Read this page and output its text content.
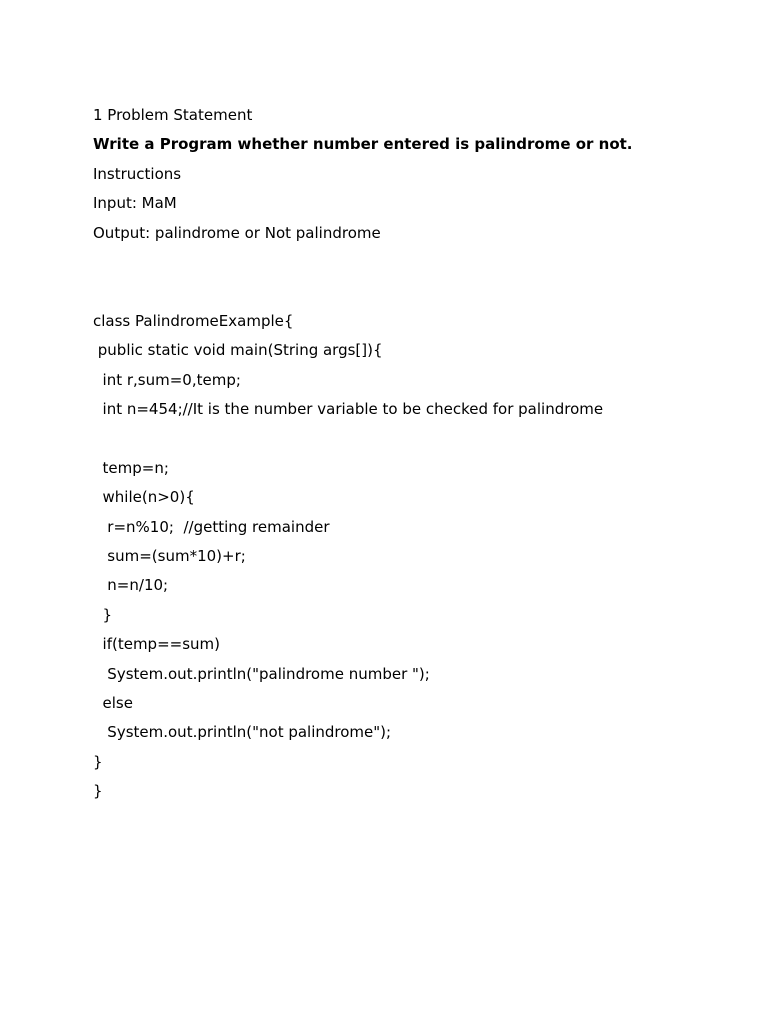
1 Problem Statement
Write a Program whether number entered is palindrome or not.
Instructions
Input: MaM
Output: palindrome or Not palindrome
class PalindromeExample{
public static void main(String args[]){
int r,sum=0,temp;
int n=454;//It is the number variable to be checked for palindrome
temp=n;
while(n>0){
r=n%10;  //getting remainder
sum=(sum*10)+r;
n=n/10;
}
if(temp==sum)
System.out.println("palindrome number ");
else
System.out.println("not palindrome");
}
}
